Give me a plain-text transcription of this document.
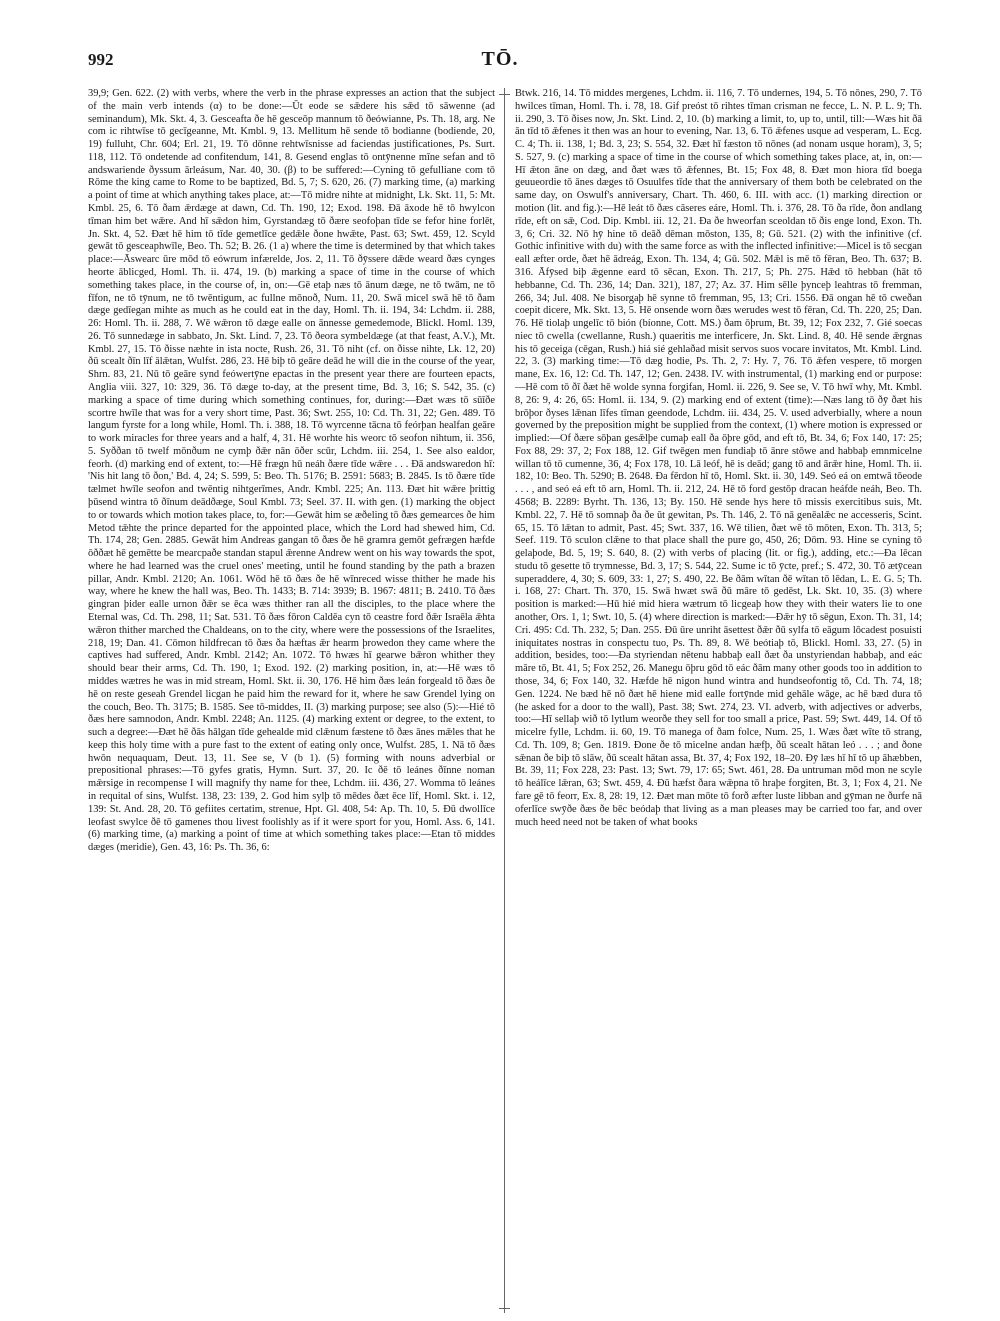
992	TŌ.

39,9; Gen. 622. (2) with verbs, where the verb in the phrase expresses an action that the subject of the main verb intends (α) to be done:—Ūt eode se sǣdere his sǣd tō sāwenne (ad seminandum), Mk. Skt. 4, 3. Gesceafta ðe hē gesceōp mannum tō ðeówianne, Ps. Th. 18, arg. Ne com ic rihtwīse tō gecīgeanne, Mt. Kmbl. 9, 13. Mellitum hē sende tō bodianne (bodiende, 20, 19) fulluht, Chr. 604; Erl. 21, 19. Tō dōnne rehtwīsnisse ad faciendas justificationes, Ps. Surt. 118, 112. Tō ondetende ad confitendum, 141, 8. Gesend englas tō ontȳnenne mīne sefan and tō andswariende ðyssum ārleásum, Nar. 40, 30. (β) to be suffered:—Cyning tō gefulliane com tō Rōme the king came to Rome to be baptized, Bd. 5, 7; S. 620, 26. (7) marking time, (a) marking a point of time at which anything takes place, at:—Tō midre nihte at midnight, Lk. Skt. 11, 5: Mt. Kmbl. 25, 6. Tō ðam ǣrdæge at dawn, Cd. Th. 190, 12; Exod. 198. Ðā āxode hē tō hwylcon tīman him bet wǣre. And hī sǣdon him, Gyrstandæg tō ðære seofoþan tīde se fefor hine forlēt, Jn. Skt. 4, 52. Ðæt hē him tō tīde gemetlīce gedǣle ðone hwǣte, Past. 63; Swt. 459, 12. Scyld gewāt tō gesceaphwīle, Beo. Th. 52; B. 26. (1 a) where the time is determined by that which takes place:—Āswearc ūre mōd tō eówrum infærelde, Jos. 2, 11. Tō ðȳssere dǣde weard ðæs cynges heorte āblicged, Homl. Th. ii. 474, 19. (b) marking a space of time in the course of which something takes place, in the course of, in, on:—Gē etaþ næs tō ānum dæge, ne tō twām, ne tō fīfon, ne tō tȳnum, ne tō twēntigum, ac fullne mōnoð, Num. 11, 20. Swā micel swā hē tō ðam dæge gedīegan mihte as much as he could eat in the day, Homl. Th. ii. 194, 34: Lchdm. ii. 288, 26: Homl. Th. ii. 288, 7. Wē wǣron tō dæge ealle on ānnesse gemedemode, Blickl. Homl. 139, 26. Tō sunnedæge in sabbato, Jn. Skt. Lind. 7, 23. Tō ðeora symbeldæge (at that feast, A.V.), Mt. Kmbl. 27, 15. Tō ðisse næhte in ista nocte, Rush. 26, 31. Tō niht (cf. on ðisse nihte, Lk. 12, 20) ðū scealt ðīn līf ālǣtan, Wulfst. 286, 23. Hē biþ tō geāre deād he will die in the course of the year, Shrn. 83, 21. Nū tō geāre synd feówertȳne epactas in the present year there are fourteen epacts, Anglia viii. 327, 10: 329, 36. Tō dæge to-day, at the present time, Bd. 3, 16; S. 542, 35. (c) marking a space of time during which something continues, for, during:—Ðæt wæs tō sūīðe scortre hwīle that was for a very short time, Past. 36; Swt. 255, 10: Cd. Th. 31, 22; Gen. 489. Tō langum fyrste for a long while, Homl. Th. i. 388, 18. Tō wyrcenne tācna tō feórþan healfan geāre to work miracles for three years and a half, 4, 31. Hē worhte his weorc tō seofon nihtum, ii. 356, 5. Syððan tō twelf mōnðum ne cymþ ðǣr nān ōðer scūr, Lchdm. iii. 254, 1. See also ealdor, feorh. (d) marking end of extent, to:—Hē frægn hū neáh ðære tīde wǣre . . . Ðā andswaredon hī: 'Nis hit lang tō ðon,' Bd. 4, 24; S. 599, 5: Beo. Th. 5176; B. 2591: 5683; B. 2845. Is tō ðære tīde tælmet hwīle seofon and twēntig nihtgerīmes, Andr. Kmbl. 225; An. 113. Ðæt hit wǣre þrittig þūsend wintra tō ðīnum deādðæge, Soul Kmbl. 73; Seel. 37. II. with gen. (1) marking the object to or towards which motion takes place, to, for:—Gewāt him se æðeling tō ðæs gemearces ðe him Metod tǣhte the prince departed for the appointed place, which the Lord had shewed him, Cd. Th. 174, 28; Gen. 2885. Gewāt him Andreas gangan tō ðæs ðe hē gramra gemōt gefrægen hæfde ōððæt hē gemētte be mearcpaðe standan stapul ǣrenne Andrew went on his way towards the spot, where he had learned was the cruel ones' meeting, until he found standing by the path a brazen pillar, Andr. Kmbl. 2120; An. 1061. Wōd hē tō ðæs ðe hē wīnreced wisse thither he made his way, where he knew the hall was, Beo. Th. 1433; B. 714: 3939; B. 1967: 4811; B. 2410. Tō ðæs gingran þider ealle urnon ðǣr se ēca wæs thither ran all the disciples, to the place where the Eternal was, Cd. Th. 298, 11; Sat. 531. Tō ðæs fōron Caldēa cyn tō ceastre ford ðǣr Israēla ǣhta wǣron thither marched the Chaldeans, on to the city, where were the possessions of the Israelites, 218, 19; Dan. 41. Cōmon hildfrecan tō ðæs ða hæftas ǣr hearm þrowedon they came where the captives had suffered, Andr. Kmbl. 2142; An. 1072. Tō hwæs hī gearwe bǣron whither they should bear their arms, Cd. Th. 190, 1; Exod. 192. (2) marking position, in, at:—Hē wæs tō middes wætres he was in mid stream, Homl. Skt. ii. 30, 176. Hē him ðæs leán forgeald tō ðæs ðe hē on reste geseah Grendel licgan he paid him the reward for it, where he saw Grendel lying on the couch, Beo. Th. 3175; B. 1585. See tō-middes, II. (3) marking purpose; see also (5):—Hié tō ðæs here samnodon, Andr. Kmbl. 2248; An. 1125. (4) marking extent or degree, to the extent, to such a degree:—Ðæt hē ðās hālgan tīde gehealde mid clǣnum fæstene tō ðæs ānes mǣles that he keep this holy time with a pure fast to the extent of eating only once, Wulfst. 285, 1. Nā tō ðæs hwōn nequaquam, Deut. 13, 11. See se, V (b 1). (5) forming with nouns adverbial or prepositional phrases:—Tō gyfes gratis, Hymn. Surt. 37, 20. Ic ðē tō leánes ðīnne noman mǣrsige in recompense I will magnify thy name for thee, Lchdm. iii. 436, 27. Womma tō leánes in requital of sins, Wulfst. 138, 23: 139, 2. God him sylþ tō mēdes ðæt ēce līf, Homl. Skt. i. 12, 139: St. And. 28, 20. Tō gefiites certatim, strenue, Hpt. Gl. 408, 54: Ap. Th. 10, 5. Ðū dwollīce leofast swylce ðē tō gamenes thou livest foolishly as if it were sport for you, Homl. Ass. 6, 141. (6) marking time, (a) marking a point of time at which something takes place:—Etan tō middes dæges (meridie), Gen. 43, 16: Ps. Th. 36, 6:

Btwk. 216, 14. Tō middes mergenes, Lchdm. ii. 116, 7. Tō undernes, 194, 5. Tō nōnes, 290, 7. Tō hwilces tīman, Homl. Th. i. 78, 18. Gif preóst tō rihtes tīman crisman ne fecce, L. N. P. L. 9; Th. ii. 290, 3. Tō ðises now, Jn. Skt. Lind. 2, 10. (b) marking a limit, to, up to, until, till:—Wæs hit ðā ān tīd tō ǣfenes it then was an hour to evening, Nar. 13, 6. Tō ǣfenes usque ad vesperam, L. Ecg. C. 4; Th. ii. 138, 1; Bd. 3, 23; S. 554, 32. Ðæt hī fæston tō nōnes (ad nonam usque horam), 3, 5; S. 527, 9. (c) marking a space of time in the course of which something takes place, at, in, on:—Hī ǣton āne on dæg, and ðæt wæs tō ǣfennes, Bt. 15; Fox 48, 8. Ðæt mon hiora tīd boega geuueordie tō ānes dæges tō Osuulfes tīde that the anniversary of them both be celebrated on the same day, on Oswulf's anniversary, Chart. Th. 460, 6. III. with acc. (1) marking direction or motion (lit. and fig.):—Hē leát tō ðæs cāseres eáre, Homl. Th. i. 376, 28. Tō ða rīde, ðon andlang rīde, eft on sǣ, Cod. Dip. Kmbl. iii. 12, 21. Ða ðe hweorfan sceoldan tō ðis enge lond, Exon. Th. 3, 6; Cri. 32. Nō hȳ hine tō deāð dēman mōston, 135, 8; Gū. 521. (2) with the infinitive (cf. Gothic infinitive with du) with the same force as with the inflected infinitive:—Micel is tō secgan eall æfter orde, ðæt hē ādreág, Exon. Th. 134, 4; Gū. 502. Mǣl is mē tō fēran, Beo. Th. 637; B. 316. Āfȳsed biþ ǣgenne eard tō sēcan, Exon. Th. 217, 5; Ph. 275. Hǣd tō hebban (hāt tō hebbanne, Cd. Th. 236, 14; Dan. 321), 187, 27; Az. 37. Him sēlle þynceþ leahtras tō fremman, 266, 34; Jul. 408. Ne bisorgaþ hē synne tō fremman, 95, 13; Cri. 1556. Ðā ongan hē tō cweðan coepit dicere, Mk. Skt. 13, 5. Hē onsende worn ðæs werudes west tō fēran, Cd. Th. 220, 25; Dan. 76. Hē tiolaþ ungelīc tō bión (bíonne, Cott. MS.) ðam ōþrum, Bt. 39, 12; Fox 232, 7. Gié soecas niec tō cwella (cwellanne, Rush.) quaeritis me interficere, Jn. Skt. Lind. 8, 40. Hē sende ǣrgnas his tō geceiga (cēgan, Rush.) hiá sié gehlaðad misit servos suos vocare invitatos, Mt. Kmbl. Lind. 22, 3. (3) marking time:—Tō dæg hodie, Ps. Th. 2, 7: Hy. 7, 76. Tō ǣfen vespere, tō morgen mane, Ex. 16, 12: Cd. Th. 147, 12; Gen. 2438. IV. with instrumental, (1) marking end or purpose:—Hē com tō ðī ðæt hē wolde synna forgifan, Homl. ii. 226, 9. See se, V. Tō hwī why, Mt. Kmbl. 8, 26: 9, 4: 26, 65: Homl. ii. 134, 9. (2) marking end of extent (time):—Næs lang tō ðȳ ðæt his brōþor ðyses lǣnan līfes tīman geendode, Lchdm. iii. 434, 25. V. used adverbially, where a noun governed by the preposition might be supplied from the context, (1) where motion is expressed or implied:—Of ðære sōþan gesǣlþe cumaþ eall ða ōþre gōd, and eft tō, Bt. 34, 6; Fox 140, 17: 25; Fox 88, 29: 37, 2; Fox 188, 12. Gif twēgen men fundiaþ tō ānre stōwe and habbaþ emnmicelne willan tō tō cumenne, 36, 4; Fox 178, 10. Lā leóf, hē is deād; gang tō and ārǣr hine, Homl. Th. ii. 182, 10: Beo. Th. 5290; B. 2648. Ða fērdon hī tō, Homl. Skt. ii. 30, 149. Seó eá on emtwā tōeode . . . , and seó eá eft tō arn, Homl. Th. ii. 212, 24. Hē tō ford gestōp dracan heáfde neáh, Beo. Th. 4568; B. 2289: Byrht. Th. 136, 13; By. 150. Hē sende hys here tō missis exercitibus suis, Mt. Kmbl. 22, 7. Hē tō somnaþ ða ðe ūt gewitan, Ps. Th. 146, 2. Tō nā genēalǣc ne accesseris, Scint. 65, 15. Tō lǣtan to admit, Past. 45; Swt. 337, 16. Wē tilien, ðæt wē tō mōten, Exon. Th. 313, 5; Seef. 119. Tō sculon clǣne to that place shall the pure go, 450, 26; Dōm. 93. Hine se cyning tō gelaþode, Bd. 5, 19; S. 640, 8. (2) with verbs of placing (lit. or fig.), adding, etc.:—Ða lēcan studu tō gesette tō trymnesse, Bd. 3, 17; S. 544, 22. Sume ic tō ȳcte, pref.; S. 472, 30. Tō ætȳcean superaddere, 4, 30; S. 609, 33: 1, 27; S. 490, 22. Be ðām wītan ðē wītan tō lēdan, L. E. G. 5; Th. i. 168, 27: Chart. Th. 370, 15. Swā hwæt swā ðū māre tō gedēst, Lk. Skt. 10, 35. (3) where position is marked:—Hū hié mid hiera wætrum tō licgeaþ how they with their waters lie to one another, Ors. 1, 1; Swt. 10, 5. (4) where direction is marked:—Ðǣr hȳ tō sēgun, Exon. Th. 31, 14; Cri. 495: Cd. Th. 232, 5; Dan. 255. Ðū ūre unriht āsettest ðǣr ðū sylfa tō eāgum lōcadest posuisti iniquitates nostras in conspectu tuo, Ps. Th. 89, 8. Wē beótiaþ tō, Blickl. Homl. 33, 27. (5) in addition, besides, too:—Ða styriendan nētenu habbaþ eall ðæt ða unstyriendan habbaþ, and eác māre tō, Bt. 41, 5; Fox 252, 26. Manegu ōþru gōd tō eác ðām many other goods too in addition to those, 34, 6; Fox 140, 32. Hæfde hē nigon hund wintra and hundseofontig tō, Cd. Th. 74, 18; Gen. 1224. Ne bæd hē nō ðæt hē hiene mid ealle fortȳnde mid gehāle wāge, ac hē bæd dura tō (he asked for a door to the wall), Past. 38; Swt. 274, 23. VI. adverb, with adjectives or adverbs, too:—Hī sellaþ wið tō lytlum weorðe they sell for too small a price, Past. 59; Swt. 449, 14. Of tō micelre fylle, Lchdm. ii. 60, 19. Tō manega of ðam folce, Num. 25, 1. Wæs ðæt wīte tō strang, Cd. Th. 109, 8; Gen. 1819. Ðone ðe tō micelne andan hæfþ, ðū scealt hātan leó . . . ; and ðone sǣnan ðe biþ tō slāw, ðū scealt hātan assa, Bt. 37, 4; Fox 192, 18–20. Ðȳ læs hī hī tō up āhæbben, Bt. 39, 11; Fox 228, 23: Past. 13; Swt. 79, 17: 65; Swt. 461, 28. Ða untruman mōd mon ne scyle tō heálīce lǣran, 63; Swt. 459, 4. Ðū hæfst ðara wǣpna tō hraþe forgiten, Bt. 3, 1; Fox 4, 21. Ne fare gē tō feorr, Ex. 8, 28: 19, 12. Ðæt man mōte tō forð æfter luste libban and gȳman ne ðurfe nā oferlīce swȳðe ðæs ðe bēc beódaþ that living as a man pleases may be carried too far, and over much heed need not be taken of what books
